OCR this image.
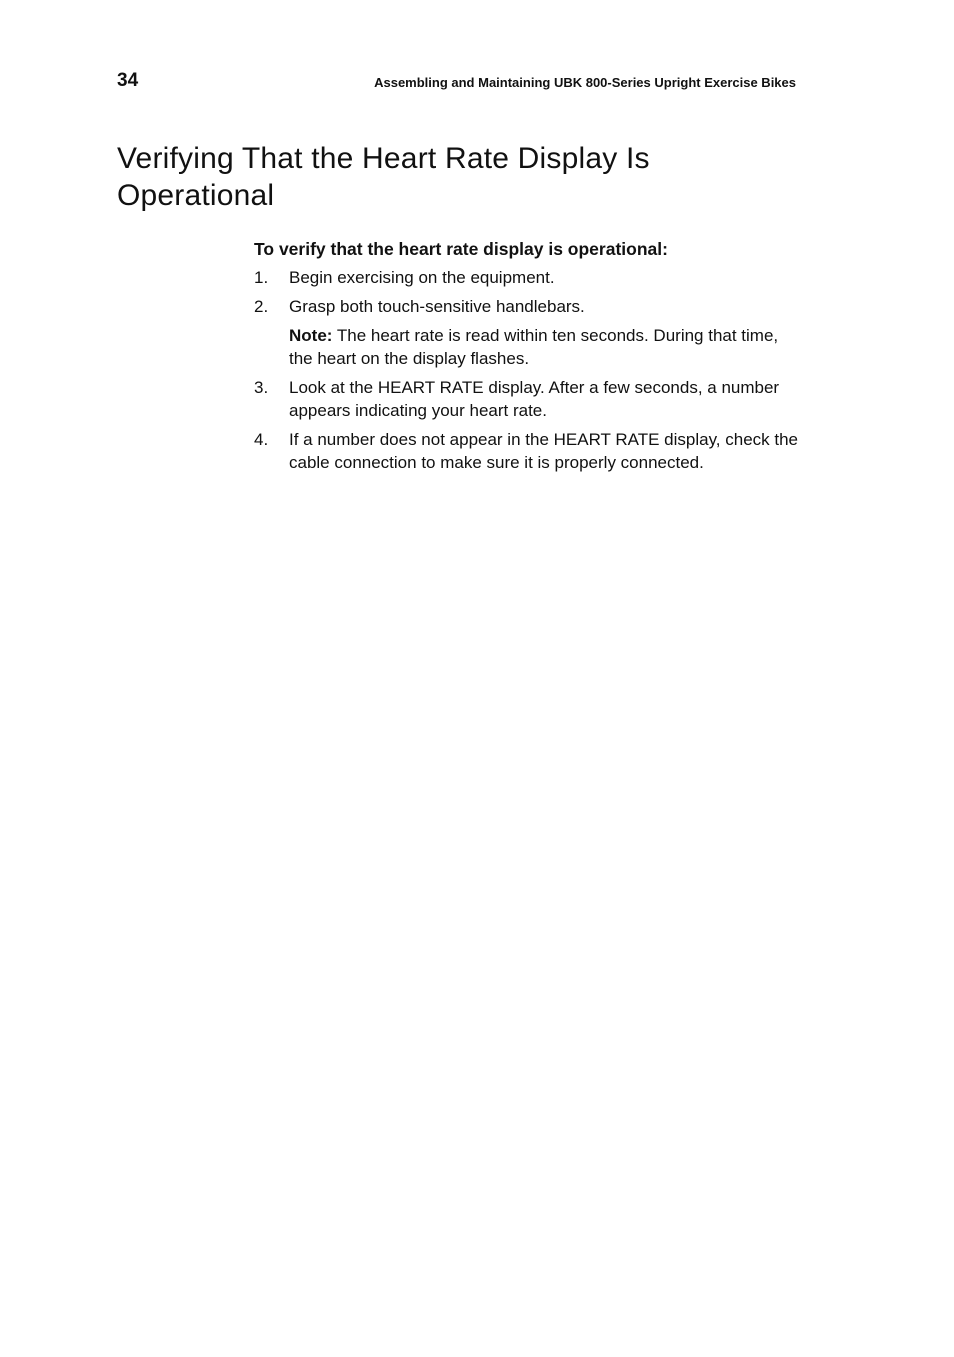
34	Assembling and Maintaining UBK 800-Series Upright Exercise Bikes
Verifying That the Heart Rate Display Is Operational
To verify that the heart rate display is operational:
1. Begin exercising on the equipment.
2. Grasp both touch-sensitive handlebars.
Note: The heart rate is read within ten seconds. During that time, the heart on the display flashes.
3. Look at the HEART RATE display. After a few seconds, a number appears indicating your heart rate.
4. If a number does not appear in the HEART RATE display, check the cable connection to make sure it is properly connected.
